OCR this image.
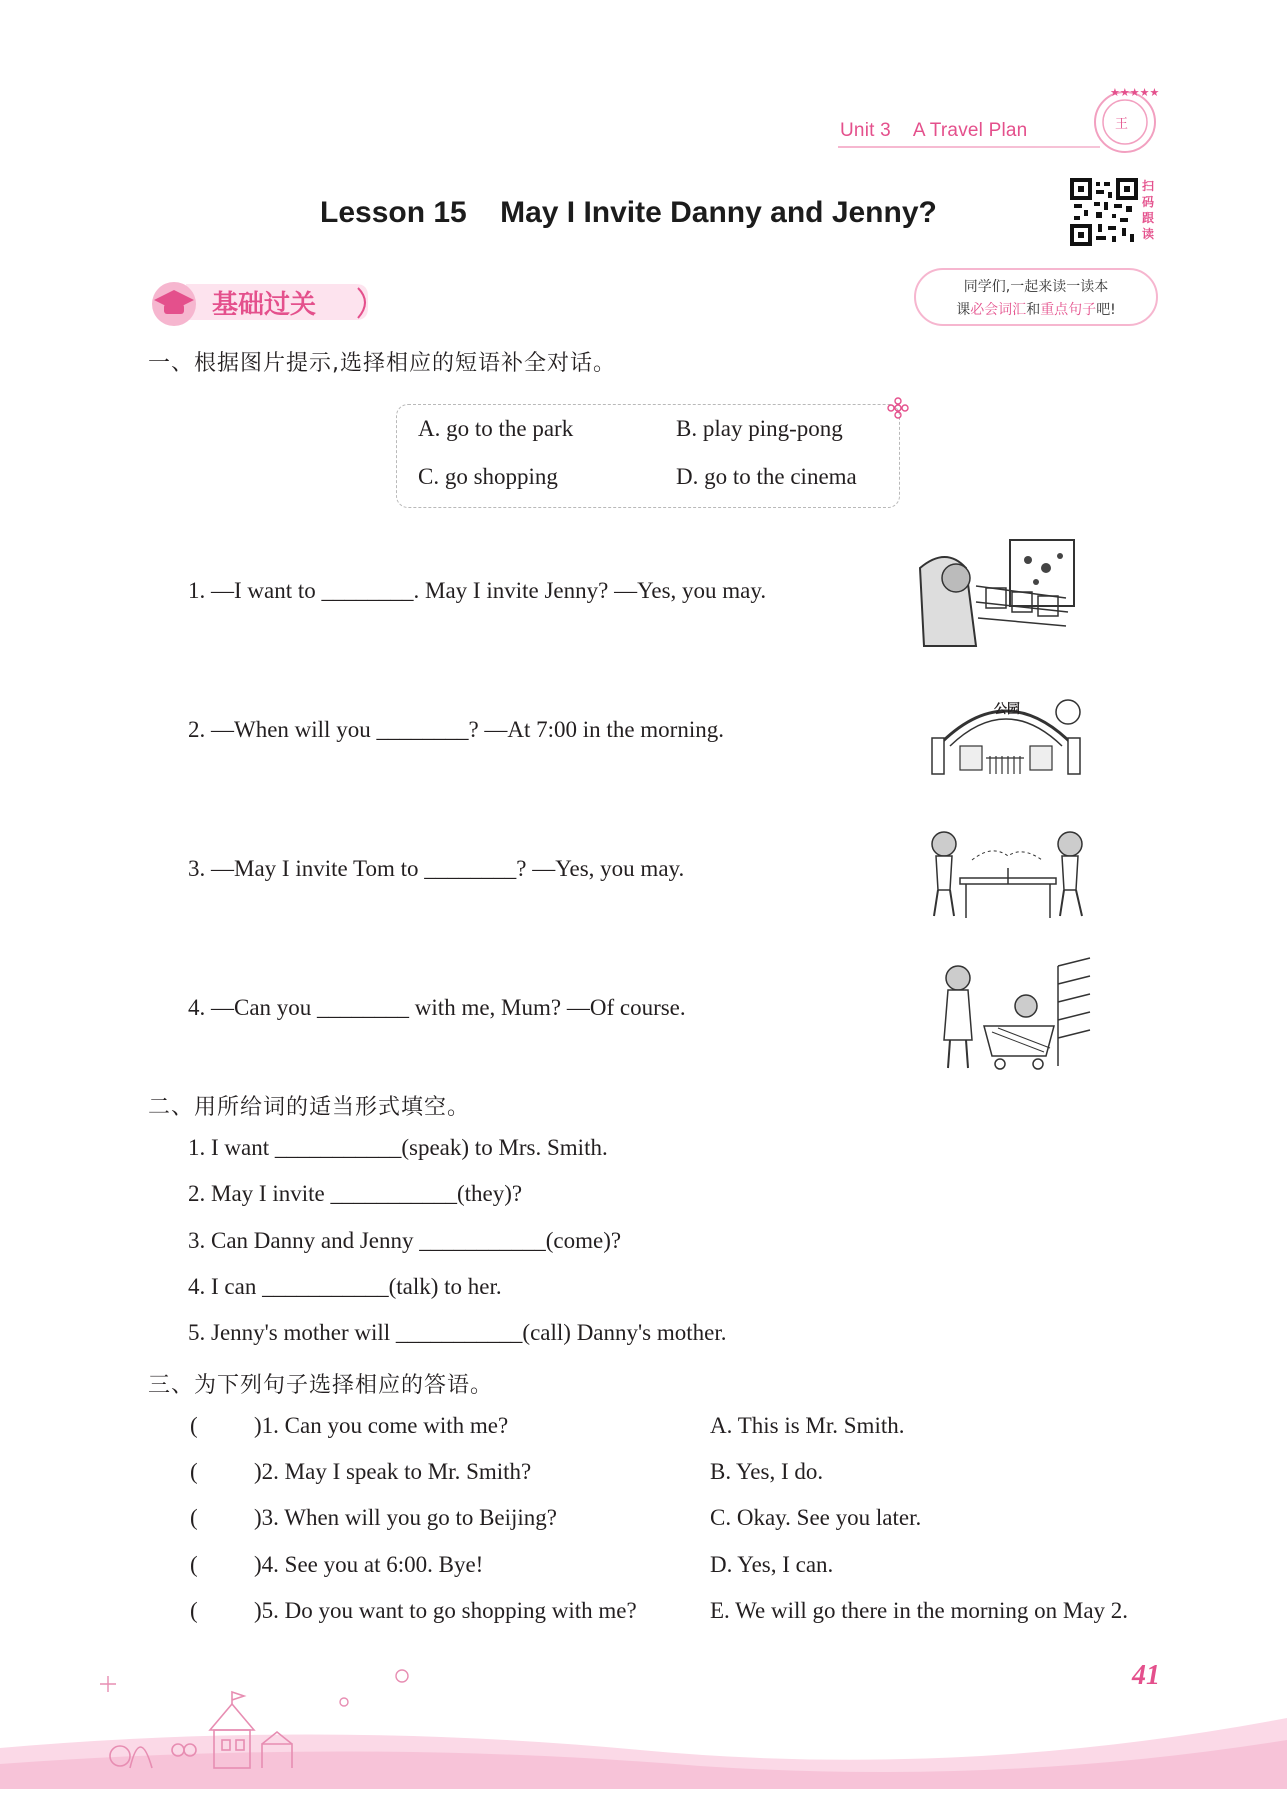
★★★★★
王
Unit 3 A Travel Plan
Lesson 15    May I Invite Danny and Jenny?
扫码跟读
同学们,一起来读一读本
课必会词汇和重点句子吧!
基础过关
一、根据图片提示,选择相应的短语补全对话。
A. go to the park	B. play ping-pong
C. go shopping	D. go to the cinema
1. —I want to ________. May I invite Jenny? —Yes, you may.
2. —When will you ________? —At 7:00 in the morning.
3. —May I invite Tom to ________? —Yes, you may.
4. —Can you ________ with me, Mum? —Of course.
公园
二、用所给词的适当形式填空。
1. I want ___________(speak) to Mrs. Smith.
2. May I invite ___________(they)?
3. Can Danny and Jenny ___________(come)?
4. I can ___________(talk) to her.
5. Jenny's mother will ___________(call) Danny's mother.
三、为下列句子选择相应的答语。
( )1. Can you come with me?	A. This is Mr. Smith.
( )2. May I speak to Mr. Smith?	B. Yes, I do.
( )3. When will you go to Beijing?	C. Okay. See you later.
( )4. See you at 6:00. Bye!	D. Yes, I can.
( )5. Do you want to go shopping with me?	E. We will go there in the morning on May 2.
41
